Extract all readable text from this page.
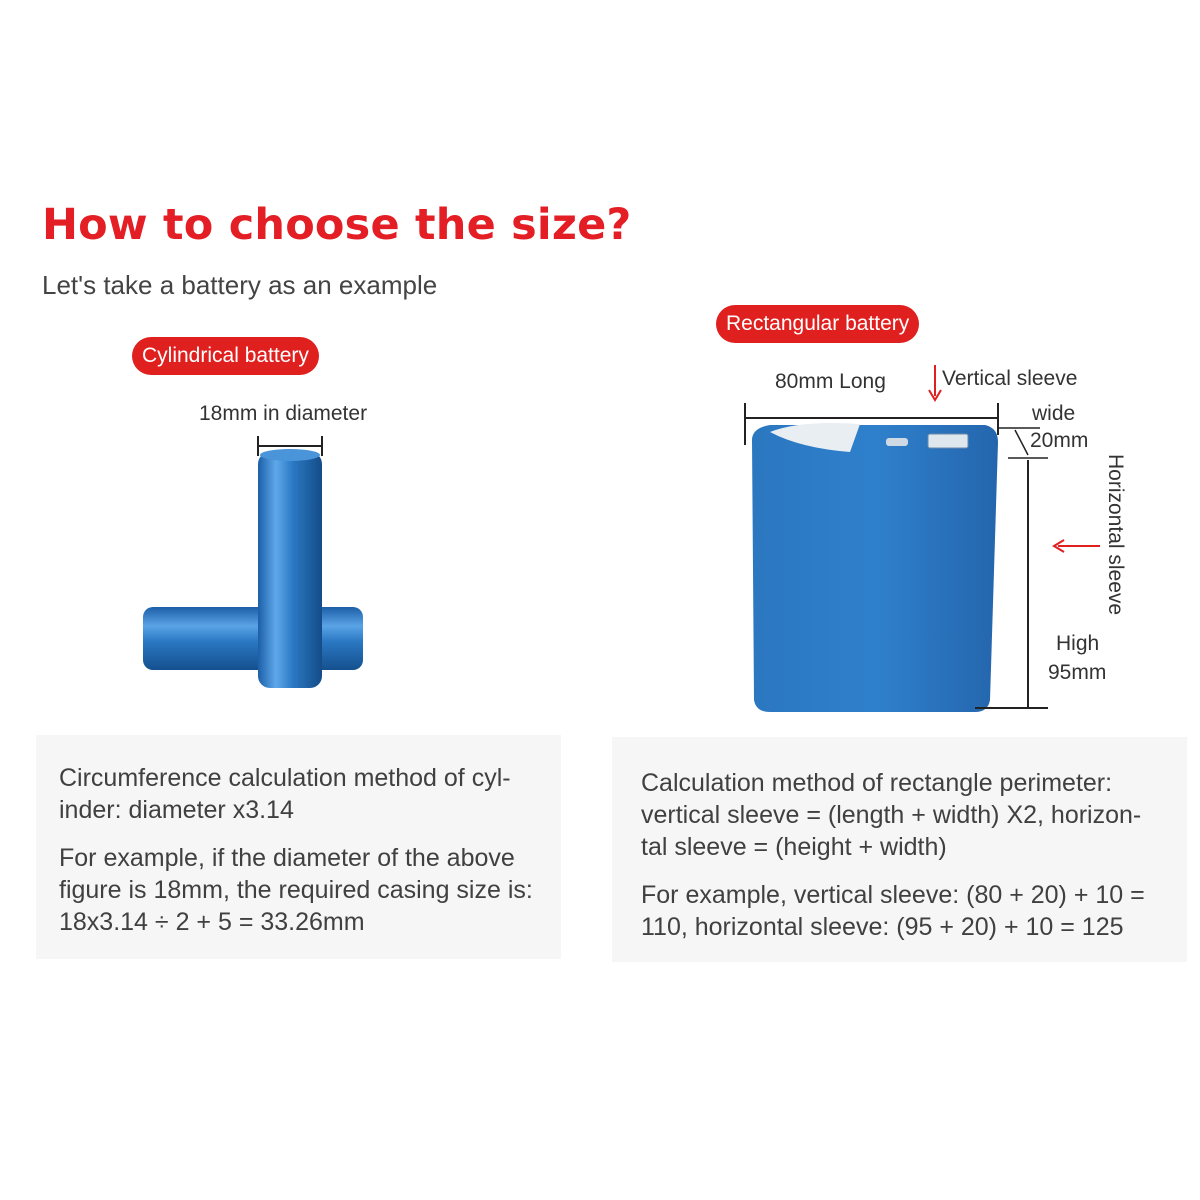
How to choose the size?
Let's take a battery as an example
Cylindrical battery
Rectangular battery
18mm in diameter
80mm Long	Vertical sleeve
wide
20mm
High
95mm
Horizontal sleeve

Circumference calculation method of cyl- inder: diameter x3.14

For example, if the diameter of the above figure is 18mm, the required casing size is: 18x3.14 ÷ 2 + 5 = 33.26mm

Calculation method of rectangle perimeter: vertical sleeve = (length + width) X2, horizon- tal sleeve = (height + width)

For example, vertical sleeve: (80 + 20) + 10 = 110, horizontal sleeve: (95 + 20) + 10 = 125
